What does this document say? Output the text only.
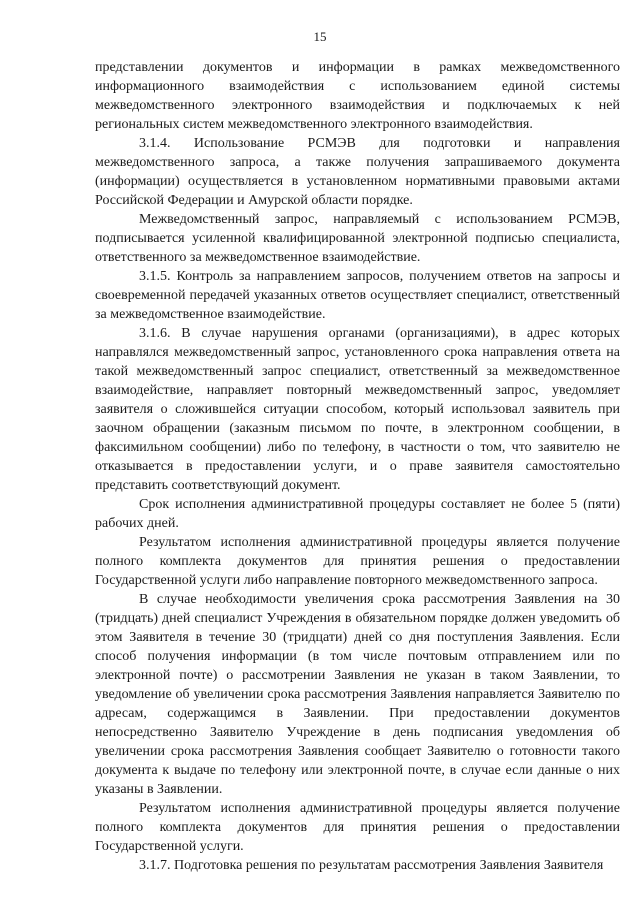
15

представлении документов и информации в рамках межведомственного информационного взаимодействия с использованием единой системы межведомственного электронного взаимодействия и подключаемых к ней региональных систем межведомственного электронного взаимодействия.

3.1.4. Использование РСМЭВ для подготовки и направления межведомственного запроса, а также получения запрашиваемого документа (информации) осуществляется в установленном нормативными правовыми актами Российской Федерации и Амурской области порядке.

Межведомственный запрос, направляемый с использованием РСМЭВ, подписывается усиленной квалифицированной электронной подписью специалиста, ответственного за межведомственное взаимодействие.

3.1.5. Контроль за направлением запросов, получением ответов на запросы и своевременной передачей указанных ответов осуществляет специалист, ответственный за межведомственное взаимодействие.

3.1.6. В случае нарушения органами (организациями), в адрес которых направлялся межведомственный запрос, установленного срока направления ответа на такой межведомственный запрос специалист, ответственный за межведомственное взаимодействие, направляет повторный межведомственный запрос, уведомляет заявителя о сложившейся ситуации способом, который использовал заявитель при заочном обращении (заказным письмом по почте, в электронном сообщении, в факсимильном сообщении) либо по телефону, в частности о том, что заявителю не отказывается в предоставлении услуги, и о праве заявителя самостоятельно представить соответствующий документ.

Срок исполнения административной процедуры составляет не более 5 (пяти) рабочих дней.

Результатом исполнения административной процедуры является получение полного комплекта документов для принятия решения о предоставлении Государственной услуги либо направление повторного межведомственного запроса.

В случае необходимости увеличения срока рассмотрения Заявления на 30 (тридцать) дней специалист Учреждения в обязательном порядке должен уведомить об этом Заявителя в течение 30 (тридцати) дней со дня поступления Заявления. Если способ получения информации (в том числе почтовым отправлением или по электронной почте) о рассмотрении Заявления не указан в таком Заявлении, то уведомление об увеличении срока рассмотрения Заявления направляется Заявителю по адресам, содержащимся в Заявлении. При предоставлении документов непосредственно Заявителю Учреждение в день подписания уведомления об увеличении срока рассмотрения Заявления сообщает Заявителю о готовности такого документа к выдаче по телефону или электронной почте, в случае если данные о них указаны в Заявлении.

Результатом исполнения административной процедуры является получение полного комплекта документов для принятия решения о предоставлении Государственной услуги.

3.1.7. Подготовка решения по результатам рассмотрения Заявления Заявителя
